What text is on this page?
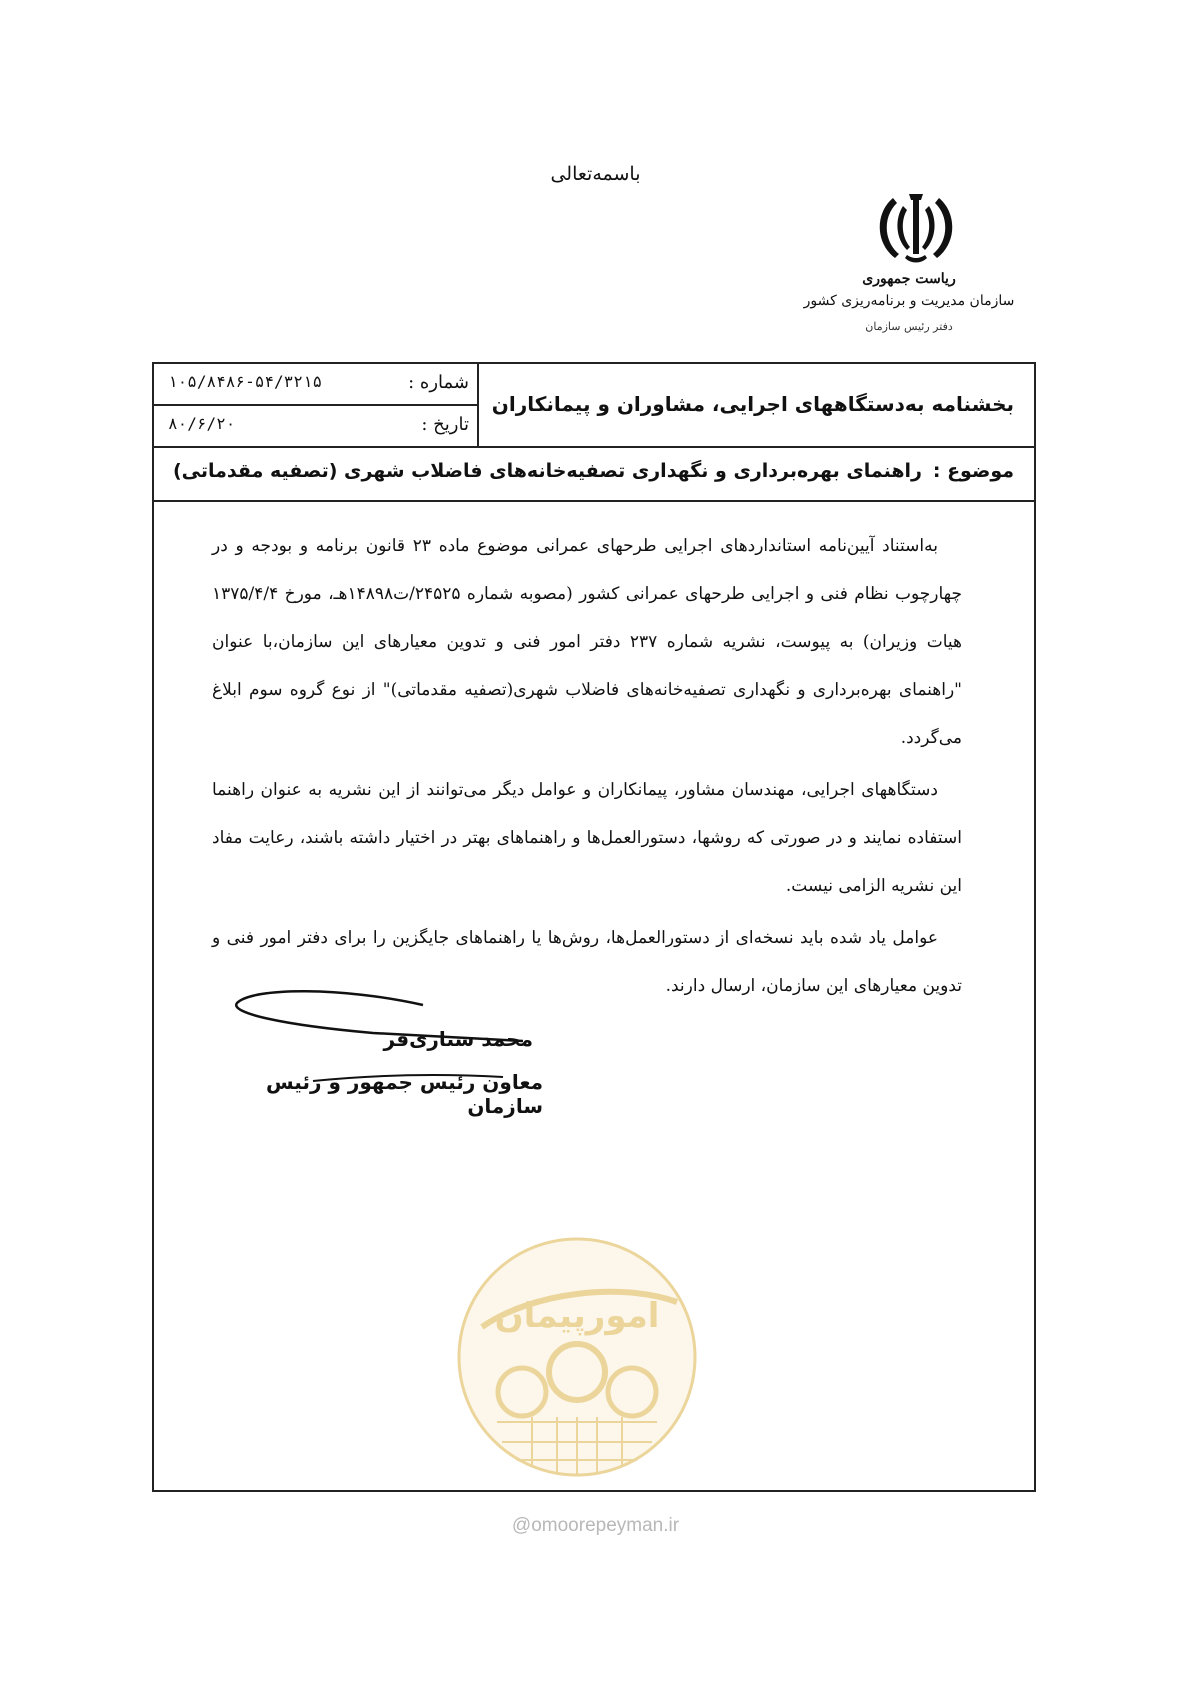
باسمه‌تعالی
ریاست جمهوری
سازمان مدیریت و برنامه‌ریزی کشور
دفتر رئیس سازمان
شماره :
۱۰۵/۸۴۸۶-۵۴/۳۲۱۵
تاریخ :
۸۰/۶/۲۰
بخشنامه به‌دستگاههای اجرایی، مشاوران و پیمانکاران
موضوع :
راهنمای بهره‌برداری و نگهداری تصفیه‌خانه‌های فاضلاب شهری (تصفیه مقدماتی)

به‌استناد آیین‌نامه استانداردهای اجرایی طرحهای عمرانی موضوع ماده ۲۳ قانون برنامه و بودجه و در چهارچوب نظام فنی و اجرایی طرحهای عمرانی کشور (مصوبه شماره ۲۴۵۲۵/ت۱۴۸۹۸هـ، مورخ ۱۳۷۵/۴/۴ هیات وزیران) به پیوست، نشریه شماره ۲۳۷ دفتر امور فنی و تدوین معیارهای این سازمان،با عنوان "راهنمای بهره‌برداری و نگهداری تصفیه‌خانه‌های فاضلاب شهری(تصفیه مقدماتی)" از نوع گروه سوم ابلاغ می‌گردد.

دستگاههای اجرایی، مهندسان مشاور، پیمانکاران و عوامل دیگر می‌توانند از این نشریه به عنوان راهنما استفاده نمایند و در صورتی که روشها، دستورالعمل‌ها و راهنماهای بهتر در اختیار داشته باشند، رعایت مفاد این نشریه الزامی نیست.

عوامل یاد شده باید نسخه‌ای از دستورالعمل‌ها، روش‌ها یا راهنماهای جایگزین را برای دفتر امور فنی و تدوین معیارهای این سازمان، ارسال دارند.

محمد ستاری‌فر
معاون رئیس جمهور و رئیس سازمان
امورپیمان
@omoorepeyman.ir
